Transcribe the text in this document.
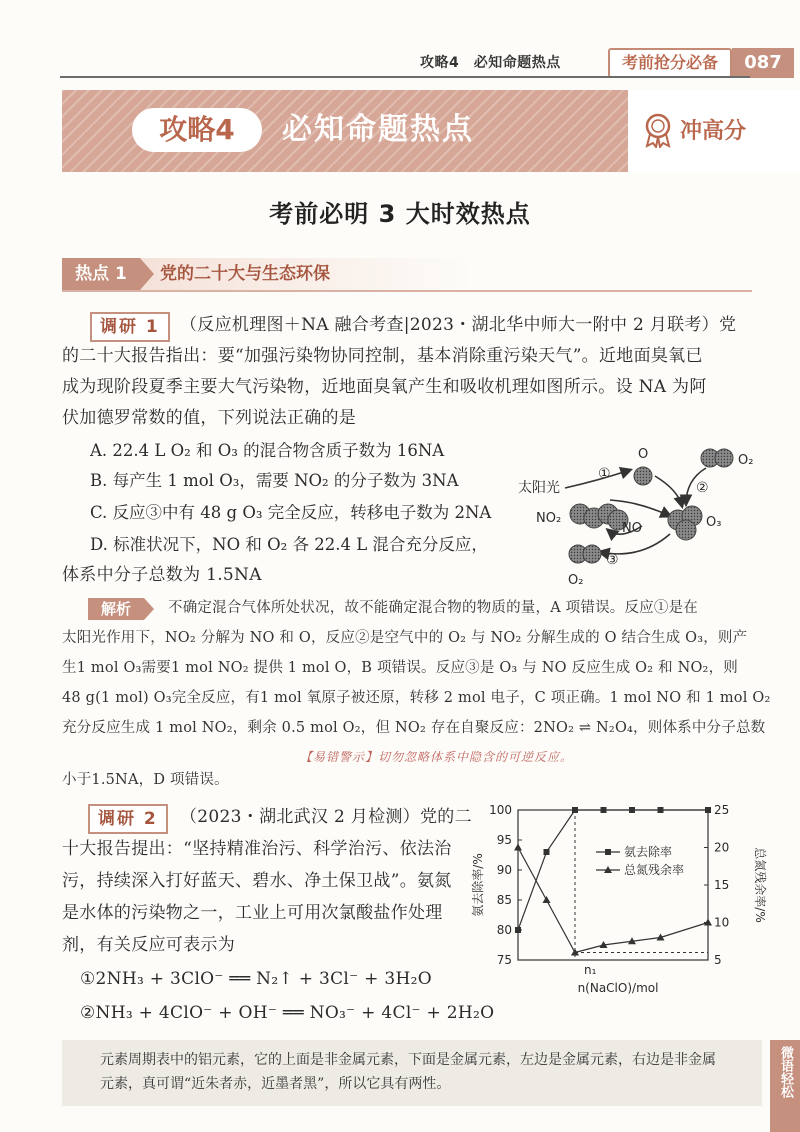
攻略4　必知命题热点	考前抢分必备	087
攻略4	必知命题热点	冲高分
考前必明 3 大时效热点
热点 1	党的二十大与生态环保
调研 1	（反应机理图＋NA 融合考查|2023・湖北华中师大一附中 2 月联考）党
的二十大报告指出：要“加强污染物协同控制，基本消除重污染天气”。近地面臭氧已
成为现阶段夏季主要大气污染物，近地面臭氧产生和吸收机理如图所示。设 NA 为阿
伏加德罗常数的值，下列说法正确的是
A. 22.4 L O₂ 和 O₃ 的混合物含质子数为 16NA
B. 每产生 1 mol O₃，需要 NO₂ 的分子数为 3NA
C. 反应③中有 48 g O₃ 完全反应，转移电子数为 2NA
D. 标准状况下，NO 和 O₂ 各 22.4 L 混合充分反应，
体系中分子总数为 1.5NA
太阳光
①
O	O₂
②
NO₂
NO	O₃
③
O₂
解析	不确定混合气体所处状况，故不能确定混合物的物质的量，A 项错误。反应①是在
太阳光作用下，NO₂ 分解为 NO 和 O，反应②是空气中的 O₂ 与 NO₂ 分解生成的 O 结合生成 O₃，则产
生1 mol O₃需要1 mol NO₂ 提供 1 mol O，B 项错误。反应③是 O₃ 与 NO 反应生成 O₂ 和 NO₂，则
48 g(1 mol) O₃完全反应，有1 mol 氧原子被还原，转移 2 mol 电子，C 项正确。1 mol NO 和 1 mol O₂
充分反应生成 1 mol NO₂，剩余 0.5 mol O₂，但 NO₂ 存在自聚反应：2NO₂ ⇌ N₂O₄，则体系中分子总数
【易错警示】切勿忽略体系中隐含的可逆反应。
小于1.5NA，D 项错误。
调研 2	（2023・湖北武汉 2 月检测）党的二
十大报告提出：“坚持精准治污、科学治污、依法治
污，持续深入打好蓝天、碧水、净土保卫战”。氨氮
是水体的污染物之一，工业上可用次氯酸盐作处理
剂，有关反应可表示为
①2NH₃ + 3ClO⁻ ══ N₂↑ + 3Cl⁻ + 3H₂O
②NH₃ + 4ClO⁻ + OH⁻ ══ NO₃⁻ + 4Cl⁻ + 2H₂O
75
80
85
90
95
100
5
10
15
20
25
氨去除率
总氮残余率
n₁
n(NaClO)/mol
氨去除率/%	总氮残余率/%
元素周期表中的铝元素，它的上面是非金属元素，下面是金属元素，左边是金属元素，右边是非金属元素，真可谓“近朱者赤，近墨者黑”，所以它具有两性。	微语轻松
